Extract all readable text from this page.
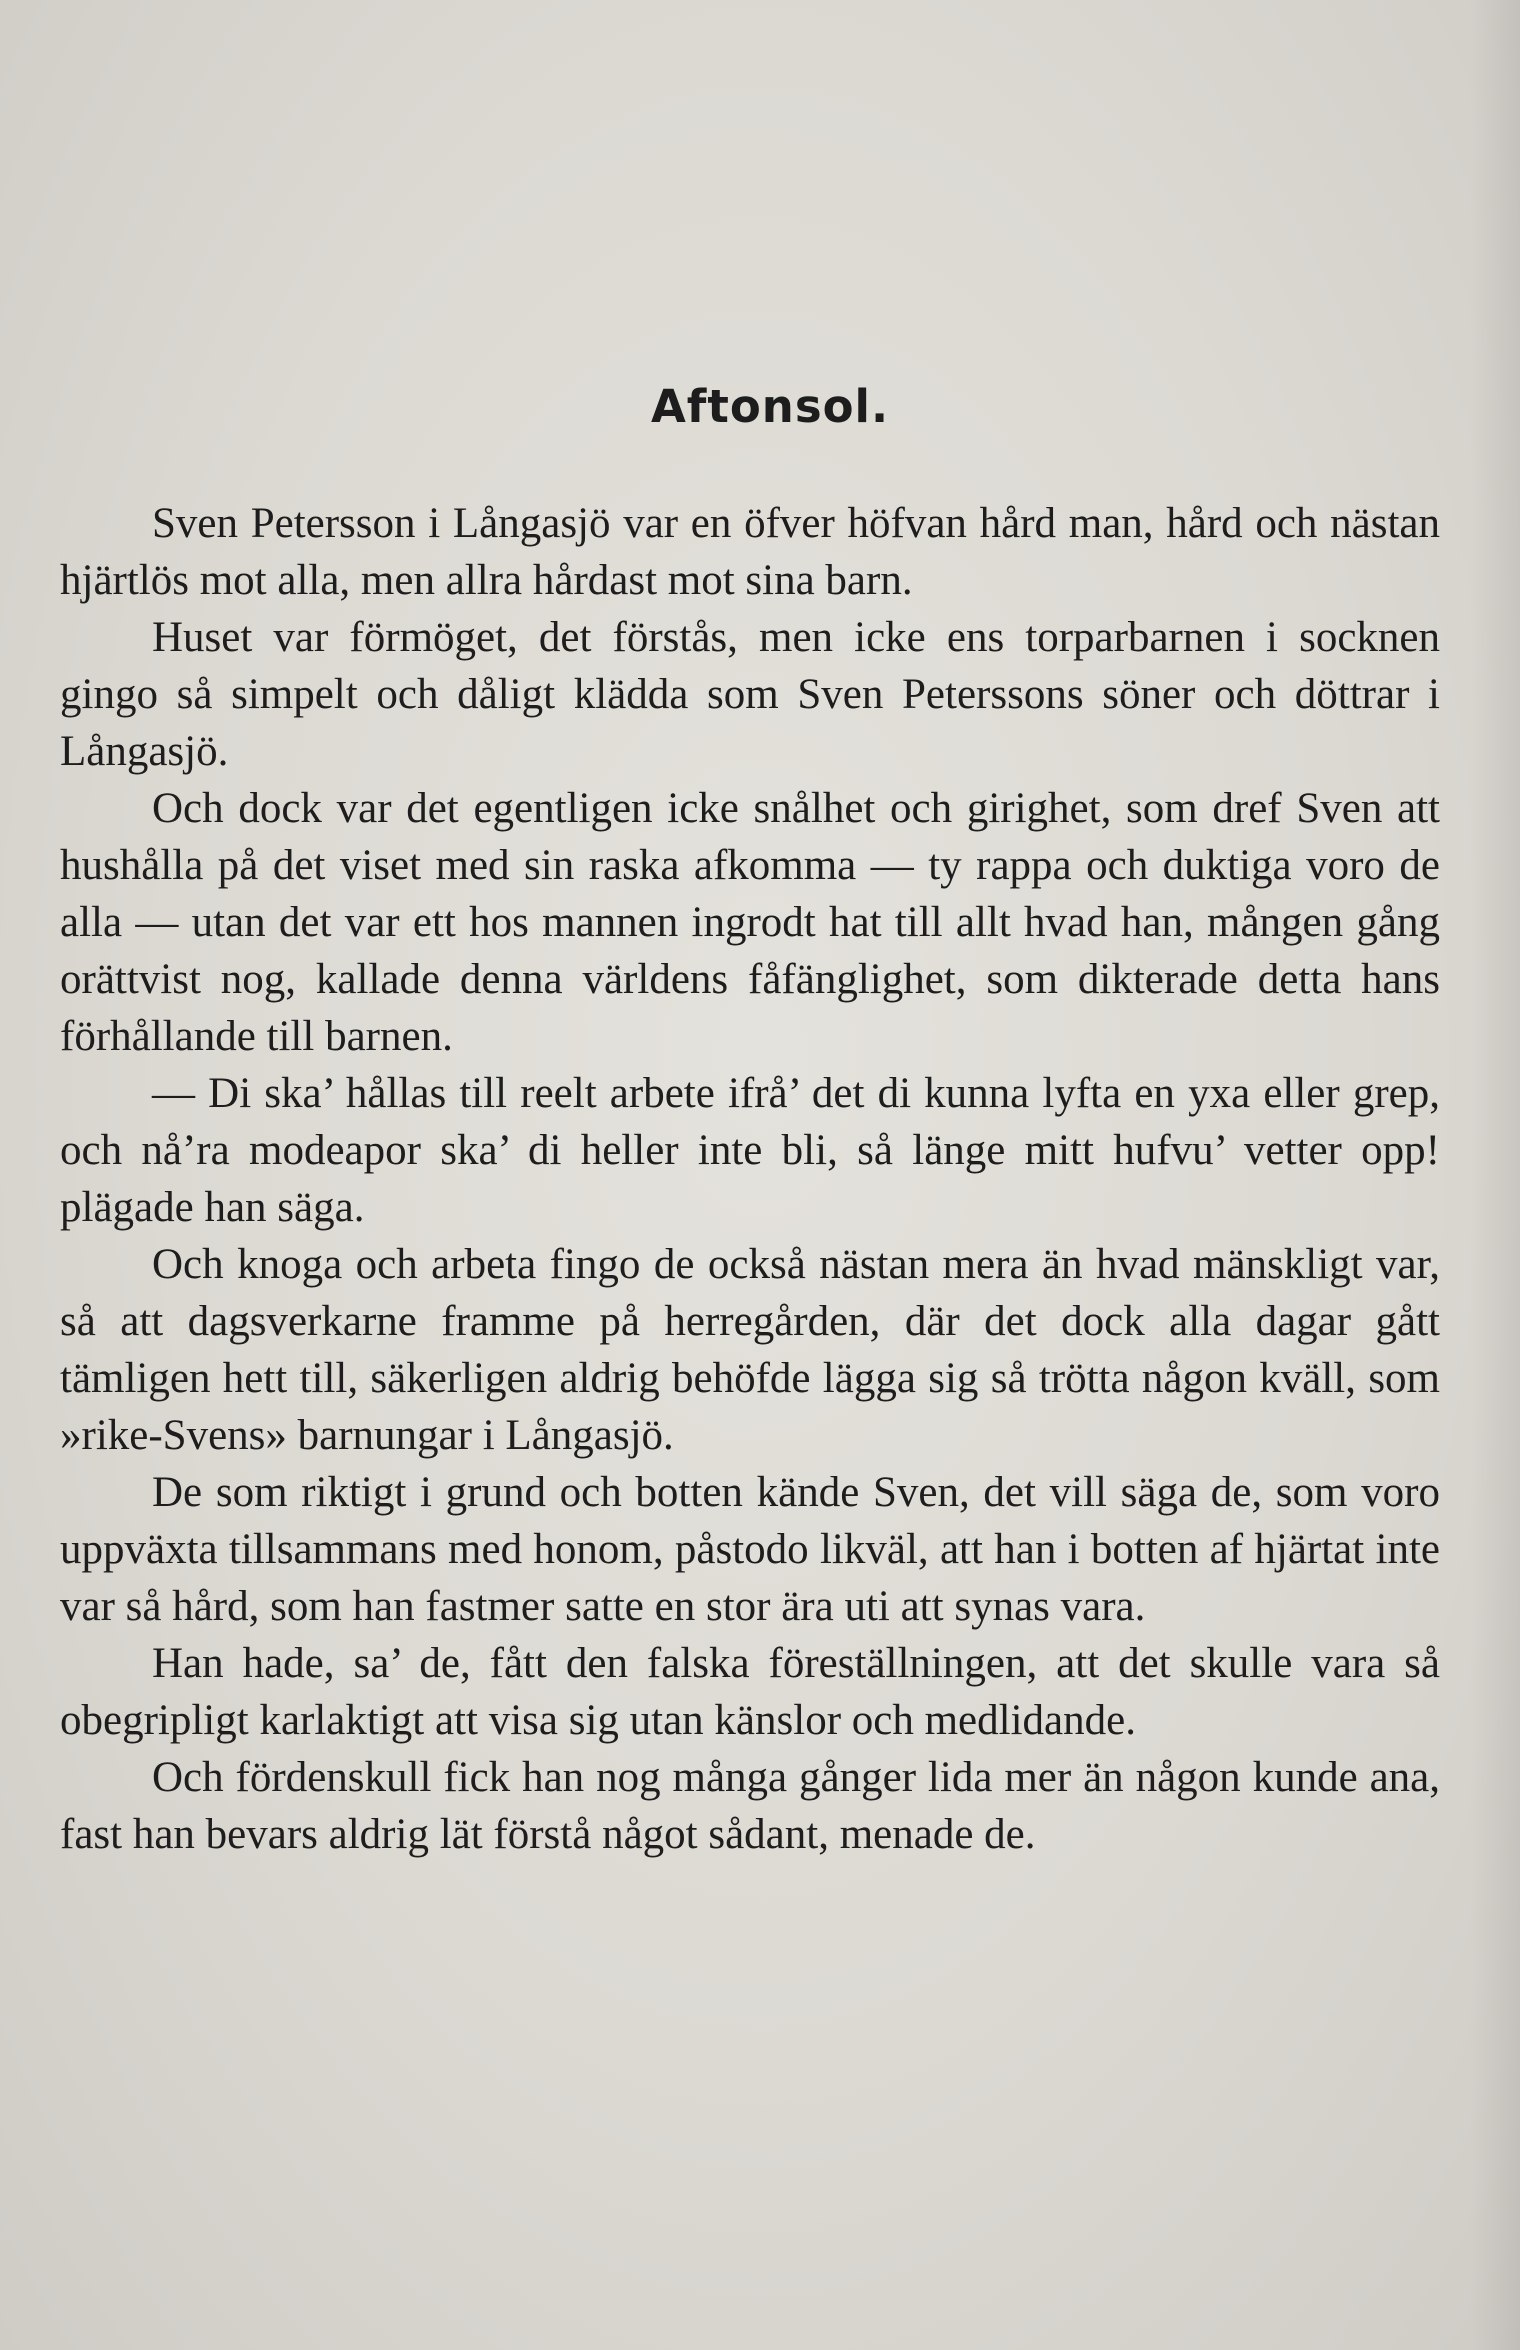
Aftonsol.

Sven Petersson i Långasjö var en öfver höfvan hård man, hård och nästan hjärtlös mot alla, men allra hårdast mot sina barn.

Huset var förmöget, det förstås, men icke ens torparbarnen i socknen gingo så simpelt och dåligt klädda som Sven Peterssons söner och döttrar i Långasjö.

Och dock var det egentligen icke snålhet och girighet, som dref Sven att hushålla på det viset med sin raska afkomma — ty rappa och duktiga voro de alla — utan det var ett hos mannen ingrodt hat till allt hvad han, mången gång orättvist nog, kallade denna världens fåfänglighet, som dikterade detta hans förhållande till barnen.

— Di ska’ hållas till reelt arbete ifrå’ det di kunna lyfta en yxa eller grep, och nå’ra modeapor ska’ di heller inte bli, så länge mitt hufvu’ vetter opp! plägade han säga.

Och knoga och arbeta fingo de också nästan mera än hvad mänskligt var, så att dagsverkarne framme på herregården, där det dock alla dagar gått tämligen hett till, säkerligen aldrig behöfde lägga sig så trötta någon kväll, som »rike-Svens» barnungar i Långasjö.

De som riktigt i grund och botten kände Sven, det vill säga de, som voro uppväxta tillsammans med honom, påstodo likväl, att han i botten af hjärtat inte var så hård, som han fastmer satte en stor ära uti att synas vara.

Han hade, sa’ de, fått den falska föreställningen, att det skulle vara så obegripligt karlaktigt att visa sig utan känslor och medlidande.

Och fördenskull fick han nog många gånger lida mer än någon kunde ana, fast han bevars aldrig lät förstå något sådant, menade de.
